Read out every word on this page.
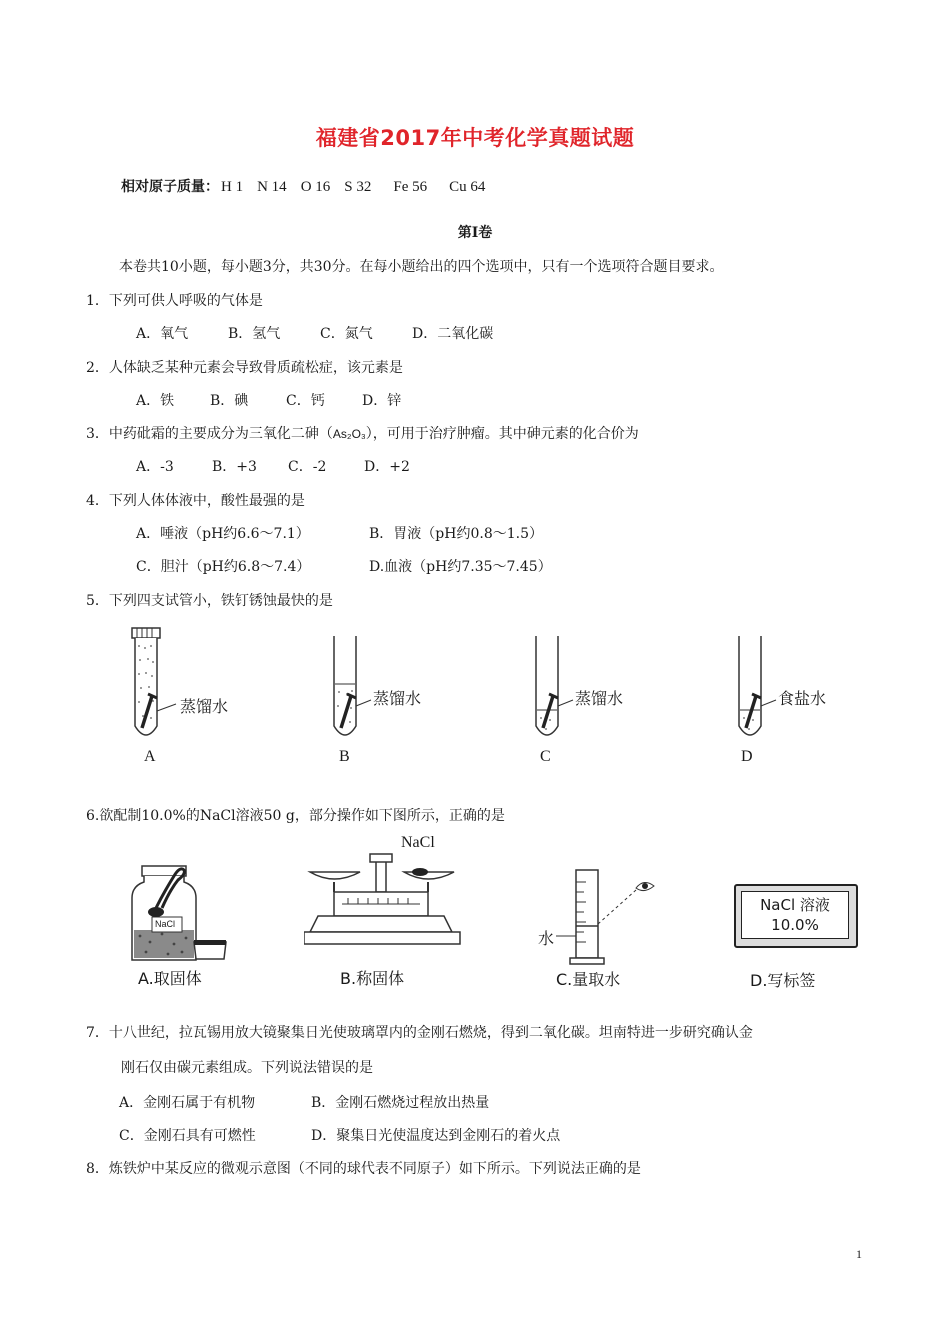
福建省2017年中考化学真题试题
相对原子质量： H 1 N 14 O 16 S 32 Fe 56 Cu 64
第Ⅰ卷
本卷共10小题，每小题3分，共30分。在每小题给出的四个选项中，只有一个选项符合题目要求。
1．下列可供人呼吸的气体是
A．氧气	B．氢气	C．氮气	D．二氧化碳
2．人体缺乏某种元素会导致骨质疏松症，该元素是
A．铁	B．碘	C．钙	D．锌
3．中药砒霜的主要成分为三氧化二砷（As₂O₃），可用于治疗肿瘤。其中砷元素的化合价为
A．-3	B．+3 C．-2	D．+2
4．下列人体体液中，酸性最强的是
A．唾液（pH约6.6～7.1）	B．胃液（pH约0.8～1.5）
C．胆汁（pH约6.8～7.4）	D.血液（pH约7.35～7.45）
5．下列四支试管小，铁钉锈蚀最快的是
蒸馏水
A
蒸馏水
B
蒸馏水
C
食盐水
D
6.欲配制10.0%的NaCl溶液50 g，部分操作如下图所示，正确的是
NaCl
A.取固体
NaCl
B.称固体
水
C.量取水
NaCl 溶液
10.0%
D.写标签
7．十八世纪，拉瓦锡用放大镜聚集日光使玻璃罩内的金刚石燃烧，得到二氧化碳。坦南特进一步研究确认金
刚石仅由碳元素组成。下列说法错误的是
A．金刚石属于有机物	B．金刚石燃烧过程放出热量
C．金刚石具有可燃性	D．聚集日光使温度达到金刚石的着火点
8．炼铁炉中某反应的微观示意图（不同的球代表不同原子）如下所示。下列说法正确的是
1
